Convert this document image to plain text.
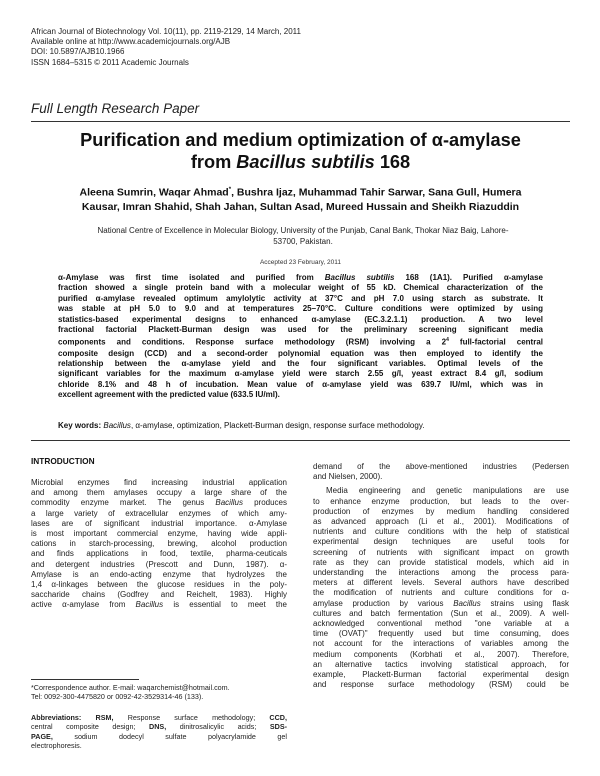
African Journal of Biotechnology Vol. 10(11), pp. 2119-2129, 14 March, 2011
Available online at http://www.academicjournals.org/AJB
DOI: 10.5897/AJB10.1966
ISSN 1684–5315 © 2011 Academic Journals
Full Length Research Paper
Purification and medium optimization of α-amylase
from Bacillus subtilis 168
Aleena Sumrin, Waqar Ahmad*, Bushra Ijaz, Muhammad Tahir Sarwar, Sana Gull, Humera
Kausar, Imran Shahid, Shah Jahan, Sultan Asad, Mureed Hussain and Sheikh Riazuddin
National Centre of Excellence in Molecular Biology, University of the Punjab, Canal Bank, Thokar Niaz Baig, Lahore-
53700, Pakistan.
Accepted 23 February, 2011
α-Amylase was first time isolated and purified from Bacillus subtilis 168 (1A1). Purified α-amylase
fraction showed a single protein band with a molecular weight of 55 kD. Chemical characterization of the
purified α-amylase revealed optimum amylolytic activity at 37°C and pH 7.0 using starch as substrate. It
was stable at pH 5.0 to 9.0 and at temperatures 25–70°C. Culture conditions were optimized by using
statistics-based experimental designs to enhanced α-amylase (EC.3.2.1.1) production. A two level
fractional factorial Plackett-Burman design was used for the preliminary screening significant media
components and conditions. Response surface methodology (RSM) involving a $2^4$ full-factorial central
composite design (CCD) and a second-order polynomial equation was then employed to identify the
relationship between the α-amylase yield and the four significant variables. Optimal levels of the
significant variables for the maximum α-amylase yield were starch 2.55 g/l, yeast extract 8.4 g/l, sodium
chloride 8.1% and 48 h of incubation. Mean value of α-amylase yield was 639.7 IU/ml, which was in
excellent agreement with the predicted value (633.5 IU/ml).
Key words: Bacillus, α-amylase, optimization, Plackett-Burman design, response surface methodology.
INTRODUCTION
Microbial enzymes find increasing industrial application
and among them amylases occupy a large share of the
commodity enzyme market. The genus Bacillus produces
a large variety of extracellular enzymes of which amy-
lases are of significant industrial importance. α-Amylase
is most important commercial enzyme, having wide appli-
cations in starch-processing, brewing, alcohol production
and finds applications in food, textile, pharma-ceuticals
and detergent industries (Prescott and Dunn, 1987). α-
Amylase is an endo-acting enzyme that hydrolyzes the
1,4 α-linkages between the glucose residues in the poly-
saccharide chains (Godfrey and Reichelt, 1983). Highly
active α-amylase from Bacillus is essential to meet the
demand of the above-mentioned industries (Pedersen
and Nielsen, 2000).
Media engineering and genetic manipulations are use
to enhance enzyme production, but leads to the over-
production of enzymes by medium handling considered
as advanced approach (Li et al., 2001). Modifications of
nutrients and culture conditions with the help of statistical
experimental design techniques are useful tools for
screening of nutrients with significant impact on growth
rate as they can provide statistical models, which aid in
understanding the interactions among the process para-
meters at different levels. Several authors have described
the modification of nutrients and culture conditions for α-
amylase production by various Bacillus strains using flask
cultures and batch fermentation (Sun et al., 2009). A well-
acknowledged conventional method "one variable at a
time (OVAT)" frequently used but time consuming, does
not account for the interactions of variables among the
medium components (Korbhati et al., 2007). Therefore,
an alternative tactics involving statistical approach, for
example, Plackett-Burman factorial experimental design
and response surface methodology (RSM) could be
*Correspondence author. E-mail: waqarchemist@hotmail.com.
Tel: 0092-300-4475820 or 0092-42-3529314-46 (133).
Abbreviations: RSM, Response surface methodology; CCD,
central composite design; DNS, dinitrosalicylic acids; SDS-
PAGE,	sodium	dodecyl	sulfate	polyacrylamide	gel
electrophoresis.
